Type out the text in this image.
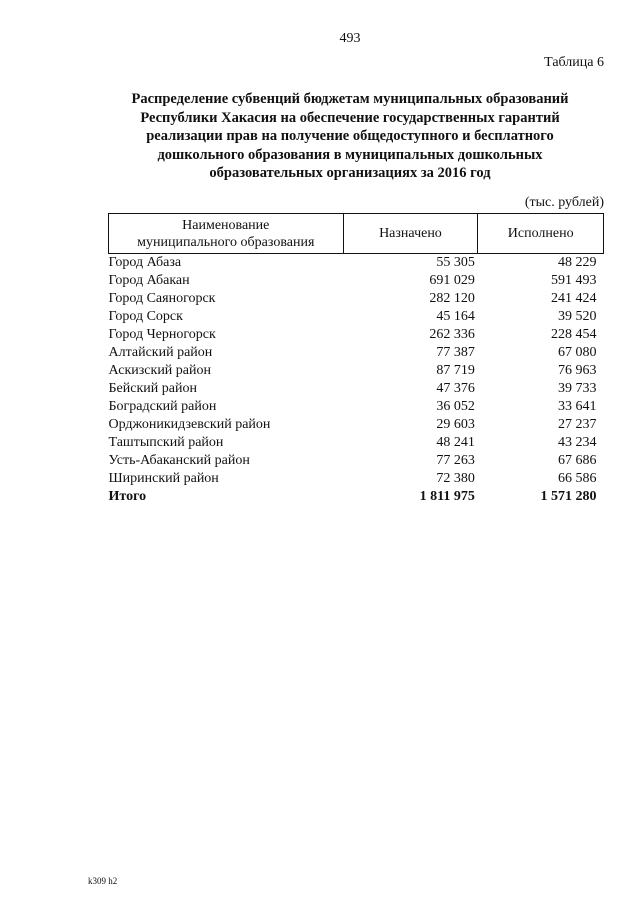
493
Таблица 6
Распределение субвенций бюджетам муниципальных образований
Республики Хакасия на обеспечение государственных гарантий
реализации прав на получение общедоступного и бесплатного
дошкольного образования в муниципальных дошкольных
образовательных организациях за 2016 год
(тыс. рублей)
Наименование
муниципального образования	Назначено	Исполнено
Город Абаза	55 305	48 229
Город Абакан	691 029	591 493
Город Саяногорск	282 120	241 424
Город Сорск	45 164	39 520
Город Черногорск	262 336	228 454
Алтайский район	77 387	67 080
Аскизский район	87 719	76 963
Бейский район	47 376	39 733
Боградский район	36 052	33 641
Орджоникидзевский район	29 603	27 237
Таштыпский район	48 241	43 234
Усть-Абаканский район	77 263	67 686
Ширинский район	72 380	66 586
Итого	1 811 975	1 571 280
k309 h2
